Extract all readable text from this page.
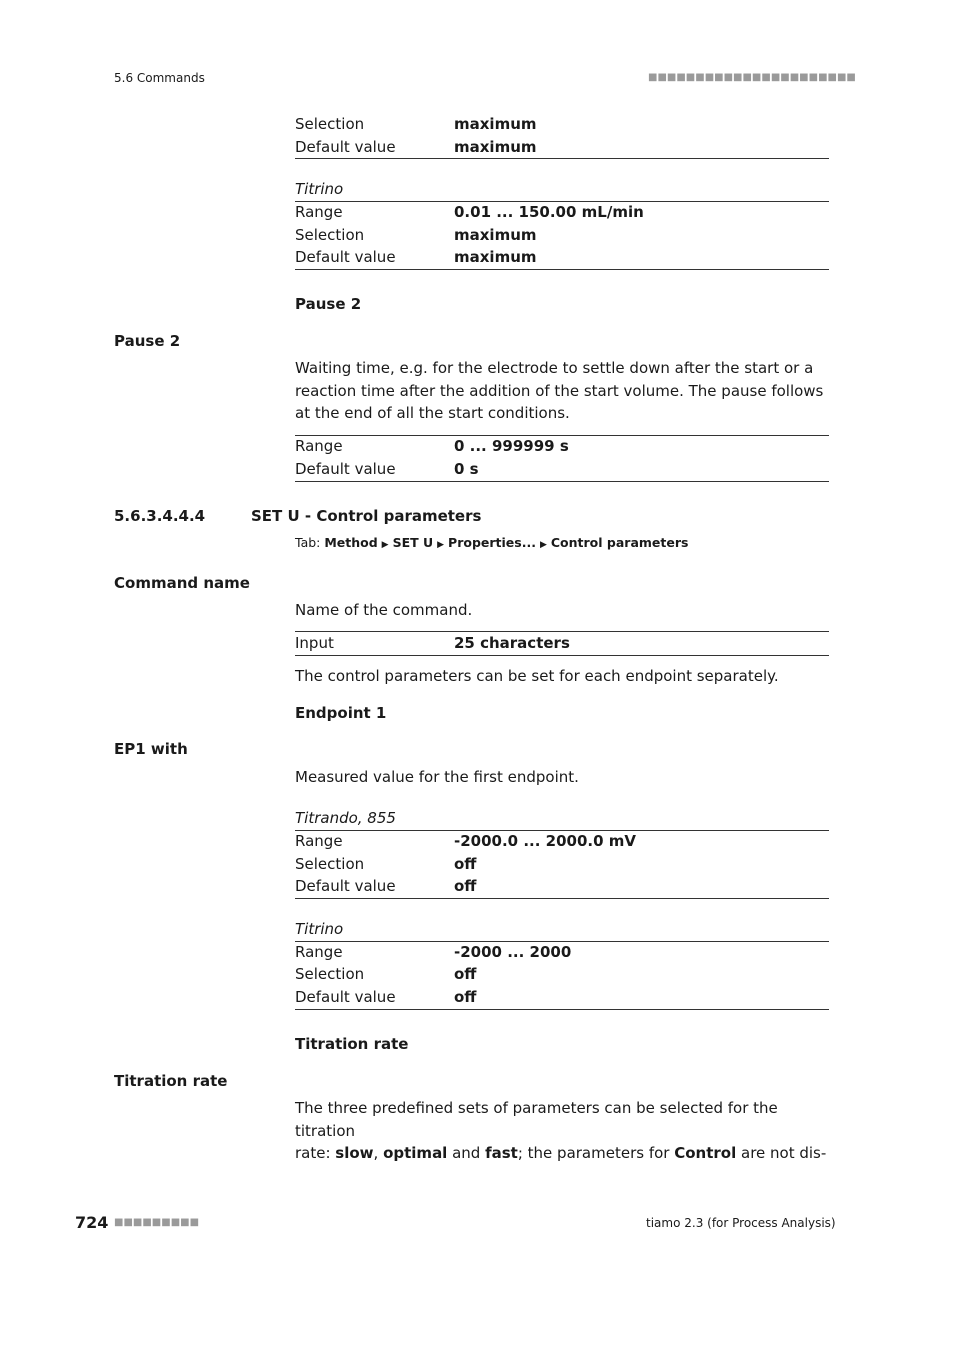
5.6 Commands	■■■■■■■■■■■■■■■■■■■■■■
Selection	maximum
Default value	maximum
Titrino
Range	0.01 ... 150.00 mL/min
Selection	maximum
Default value	maximum
Pause 2
Pause 2
Waiting time, e.g. for the electrode to settle down after the start or a reaction time after the addition of the start volume. The pause follows at the end of all the start conditions.
Range	0 ... 999999 s
Default value	0 s
5.6.3.4.4.4	SET U - Control parameters
Tab: Method ▶ SET U ▶ Properties... ▶ Control parameters
Command name
Name of the command.
Input	25 characters
The control parameters can be set for each endpoint separately.
Endpoint 1
EP1 with
Measured value for the first endpoint.
Titrando, 855
Range	-2000.0 ... 2000.0 mV
Selection	off
Default value	off
Titrino
Range	-2000 ... 2000
Selection	off
Default value	off
Titration rate
Titration rate
The three predefined sets of parameters can be selected for the titration
rate: slow, optimal and fast; the parameters for Control are not dis-
724 ■■■■■■■■■	tiamo 2.3 (for Process Analysis)
